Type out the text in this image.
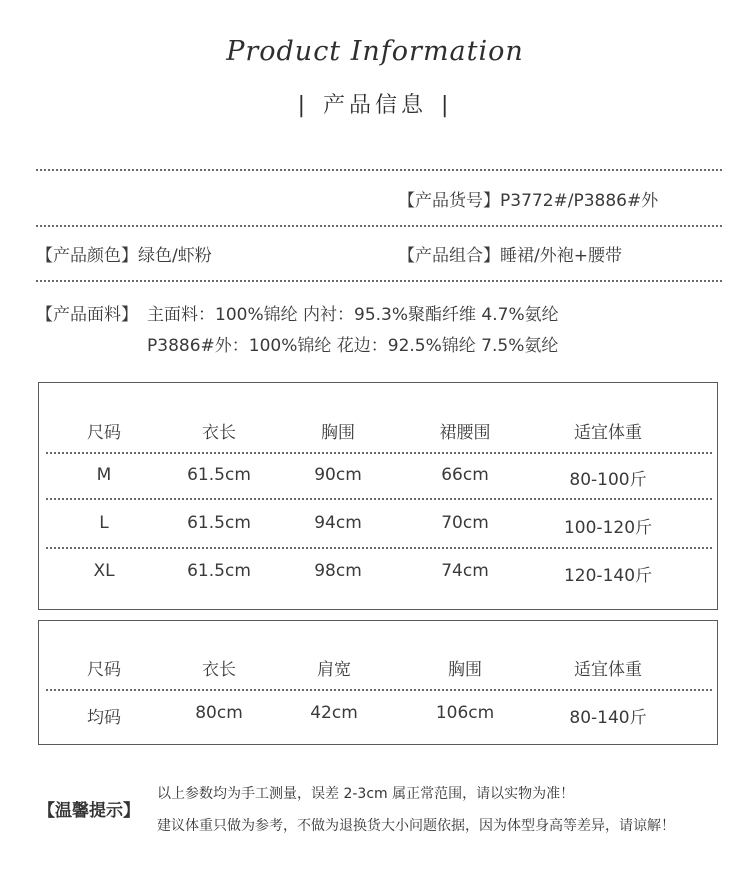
Product Information
| 产品信息 |
【产品货号】P3772#/P3886#外
【产品颜色】绿色/虾粉	【产品组合】睡裙/外袍+腰带
【产品面料】 主面料：100%锦纶 内衬：95.3%聚酯纤维 4.7%氨纶
P3886#外：100%锦纶 花边：92.5%锦纶 7.5%氨纶
尺码	衣长	胸围	裙腰围	适宜体重
M	61.5cm	90cm	66cm	80-100斤
L	61.5cm	94cm	70cm	100-120斤
XL	61.5cm	98cm	74cm	120-140斤
尺码	衣长	肩宽	胸围	适宜体重
均码	80cm	42cm	106cm	80-140斤
【温馨提示】
以上参数均为手工测量，误差 2-3cm 属正常范围，请以实物为准！
建议体重只做为参考，不做为退换货大小问题依据，因为体型身高等差异，请谅解！
